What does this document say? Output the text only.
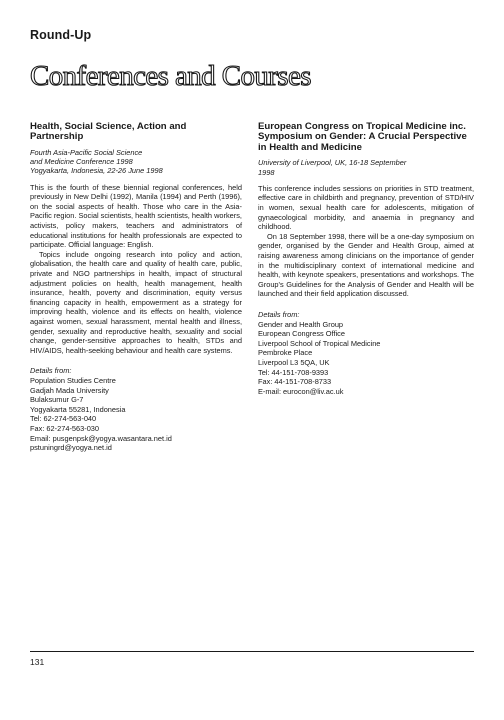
Round-Up
Conferences and Courses
Health, Social Science, Action and Partnership
Fourth Asia-Pacific Social Science
and Medicine Conference 1998
Yogyakarta, Indonesia, 22-26 June 1998

This is the fourth of these biennial regional conferences, held previously in New Delhi (1992), Manila (1994) and Perth (1996), on the social aspects of health. Those who care in the Asia-Pacific region. Social scientists, health scientists, health workers, activists, policy makers, teachers and administrators of educational institutions for health professionals are expected to participate. Official language: English.

Topics include ongoing research into policy and action, globalisation, the health care and quality of health care, public, private and NGO partnerships in health, impact of structural adjustment policies on health, health management, health insurance, health, poverty and discrimination, equity versus financing capacity in health, empowerment as a strategy for improving health, violence and its effects on health, violence against women, sexual harassment, mental health and illness, gender, sexuality and reproductive health, sexuality and social change, gender-sensitive approaches to health, STDs and HIV/AIDS, health-seeking behaviour and health care systems.

Details from:
Population Studies Centre
Gadjah Mada University
Bulaksumur G-7
Yogyakarta 55281, Indonesia
Tel: 62-274-563-040
Fax: 62-274-563-030
Email: pusgenpsk@yogya.wasantara.net.id
pstuningrd@yogya.net.id
European Congress on Tropical Medicine inc. Symposium on Gender: A Crucial Perspective in Health and Medicine
University of Liverpool, UK, 16-18 September
1998

This conference includes sessions on priorities in STD treatment, effective care in childbirth and pregnancy, prevention of STD/HIV in women, sexual health care for adolescents, mitigation of gynaecological morbidity, and anaemia in pregnancy and childhood.

On 18 September 1998, there will be a one-day symposium on gender, organised by the Gender and Health Group, aimed at raising awareness among clinicians on the importance of gender in the multidisciplinary context of international medicine and health, with keynote speakers, presentations and workshops. The Group's Guidelines for the Analysis of Gender and Health will be launched and their field application discussed.

Details from:
Gender and Health Group
European Congress Office
Liverpool School of Tropical Medicine
Pembroke Place
Liverpool L3 5QA, UK
Tel: 44-151-708-9393
Fax: 44-151-708-8733
E-mail: eurocon@liv.ac.uk
131
